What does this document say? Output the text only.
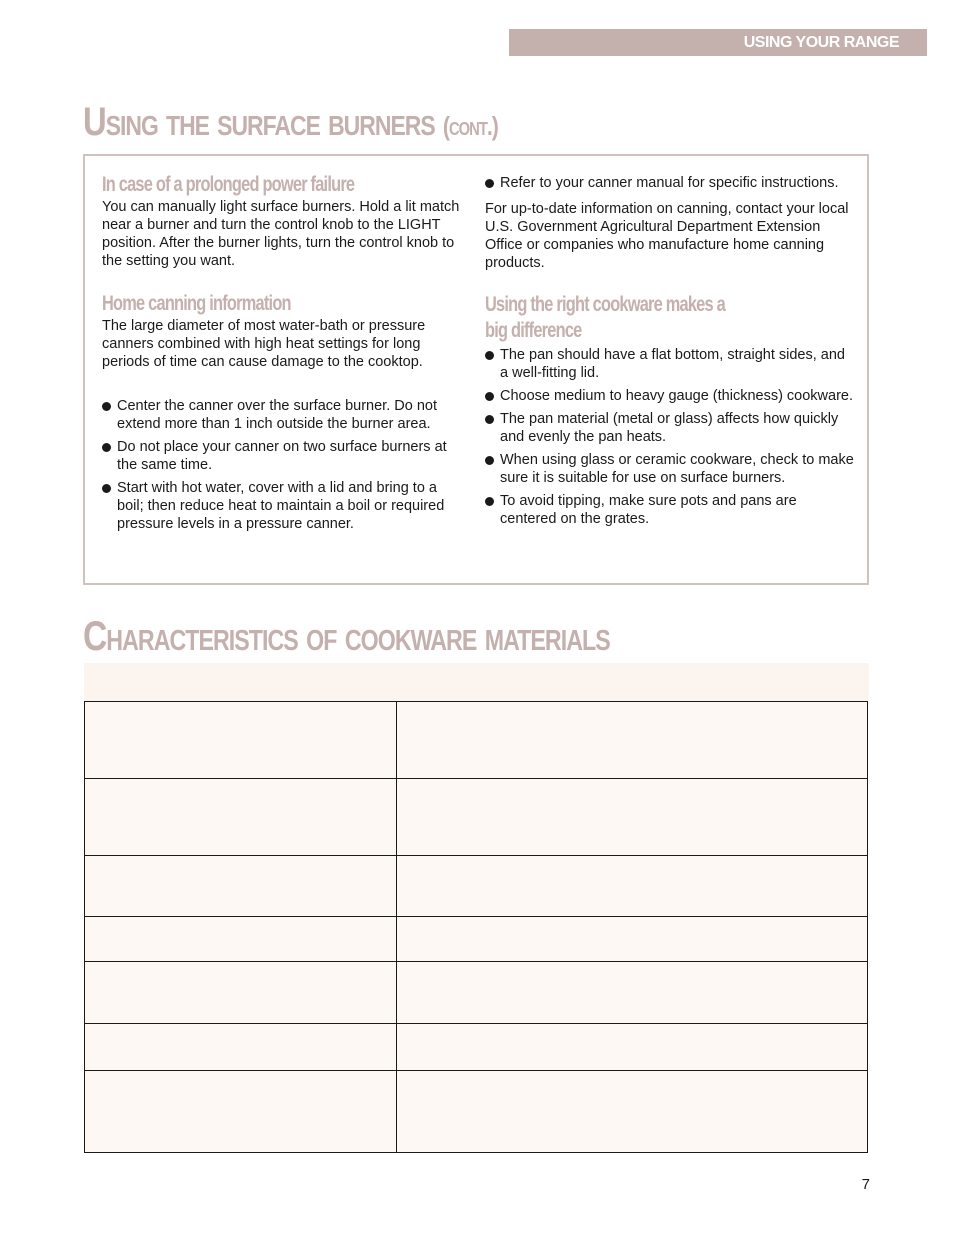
USING YOUR RANGE
Using the surface burners (cont.)
In case of a prolonged power failure

You can manually light surface burners. Hold a lit match near a burner and turn the control knob to the LIGHT position. After the burner lights, turn the control knob to the setting you want.

Home canning information

The large diameter of most water-bath or pressure canners combined with high heat settings for long periods of time can cause damage to the cooktop.

Center the canner over the surface burner. Do not extend more than 1 inch outside the burner area.
Do not place your canner on two surface burners at the same time.
Start with hot water, cover with a lid and bring to a boil; then reduce heat to maintain a boil or required pressure levels in a pressure canner.
Refer to your canner manual for specific instructions.

For up-to-date information on canning, contact your local U.S. Government Agricultural Department Extension Office or companies who manufacture home canning products.

Using the right cookware makes a
big difference
The pan should have a flat bottom, straight sides, and a well-fitting lid.
Choose medium to heavy gauge (thickness) cookware.
The pan material (metal or glass) affects how quickly and evenly the pan heats.
When using glass or ceramic cookware, check to make sure it is suitable for use on surface burners.
To avoid tipping, make sure pots and pans are centered on the grates.
Characteristics of cookware materials

7
